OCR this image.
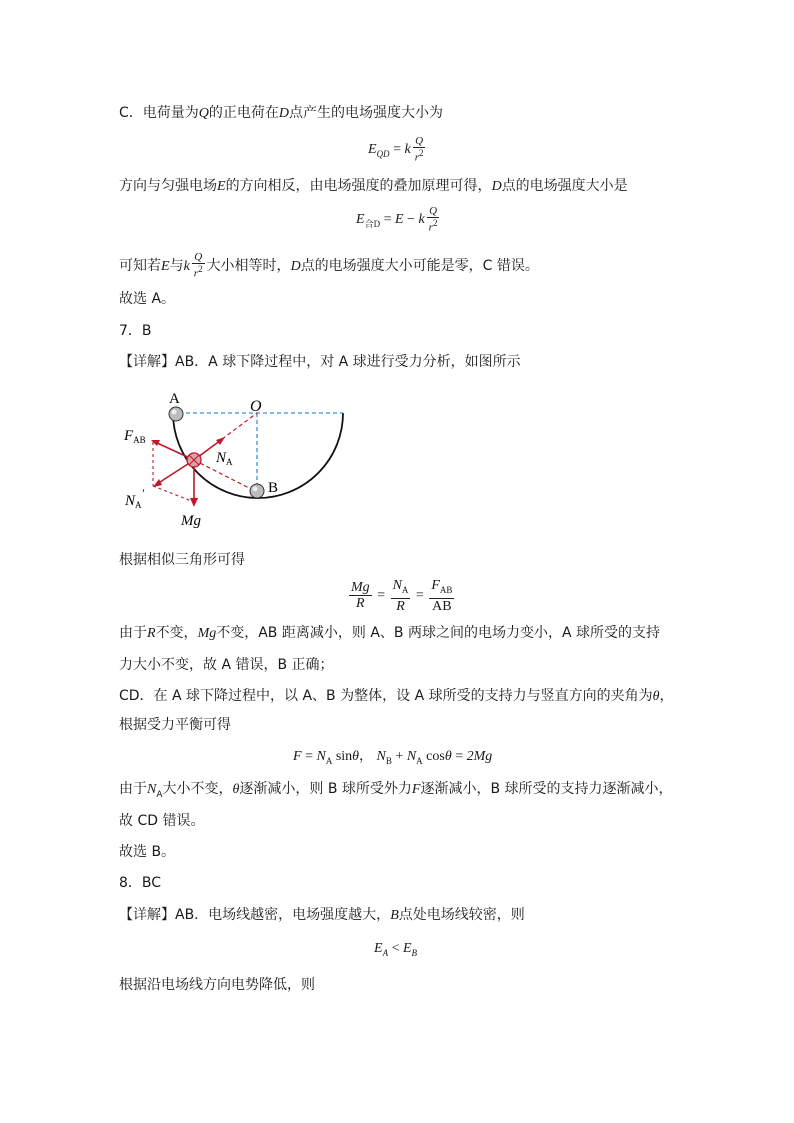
C．电荷量为Q的正电荷在D点产生的电场强度大小为
$E_{QD} = k \frac{Q}{r^2}$
方向与匀强电场E的方向相反，由电场强度的叠加原理可得，D点的电场强度大小是
$E_{合D} = E - k \frac{Q}{r^2}$
可知若E与k $\frac{Q}{r^2}$ 大小相等时，D点的电场强度大小可能是零，C 错误。
故选 A。
7．B
【详解】AB．A 球下降过程中，对 A 球进行受力分析，如图所示
A	O
B
$F_{AB}$
$N_A$
$N_A'$
Mg
根据相似三角形可得
$\frac{Mg}{R} = \frac{N_A}{R} = \frac{F_{AB}}{AB}$
由于R不变，Mg不变，AB 距离减小，则 A、B 两球之间的电场力变小，A 球所受的支持
力大小不变，故 A 错误，B 正确；
CD．在 A 球下降过程中，以 A、B 为整体，设 A 球所受的支持力与竖直方向的夹角为θ，
根据受力平衡可得
$F = N_A$ sinθ， $N_B + N_A$ cosθ = 2Mg
由于$N_A$大小不变，θ逐渐减小，则 B 球所受外力F逐渐减小，B 球所受的支持力逐渐减小，
故 CD 错误。
故选 B。
8．BC
【详解】AB．电场线越密，电场强度越大，B点处电场线较密，则
$E_A < E_B$
根据沿电场线方向电势降低，则
